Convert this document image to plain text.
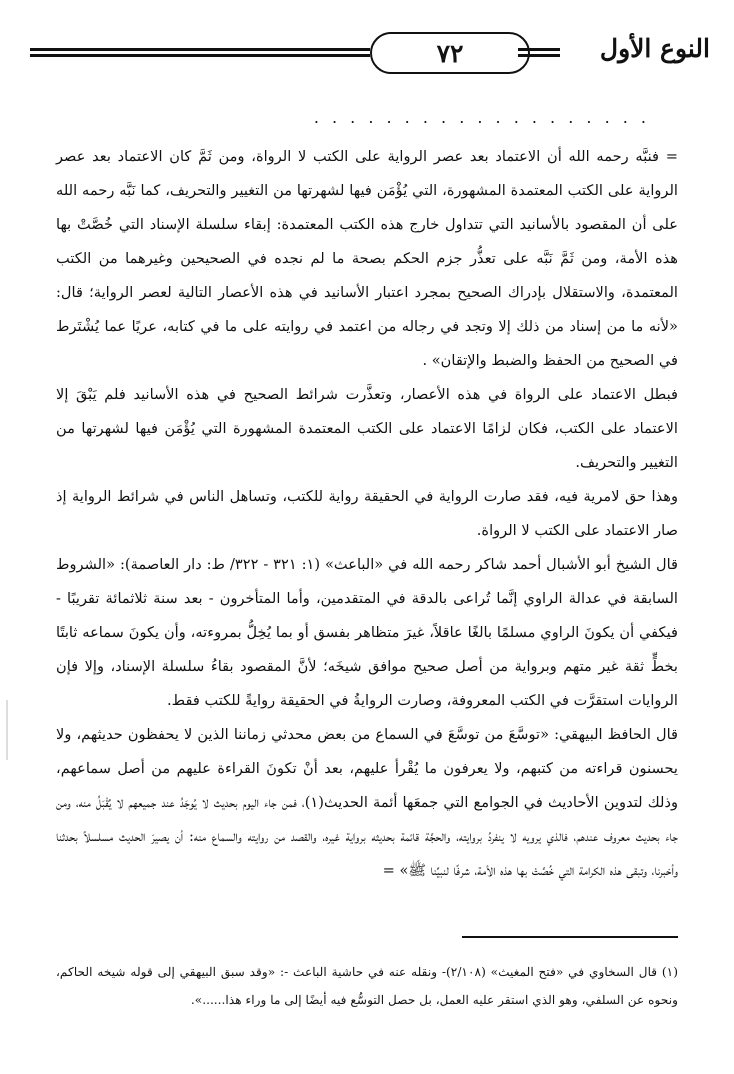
النوع الأول
٧٢
. . . . . . . . . . . . . . . . . . .

= فنبَّه رحمه الله أن الاعتماد بعد عصر الرواية على الكتب لا الرواة، ومن ثَمَّ كان الاعتماد بعد عصر الرواية على الكتب المعتمدة المشهورة، التي يُؤْمَن فيها لشهرتها من التغيير والتحريف، كما نَبَّه رحمه الله على أن المقصود بالأسانيد التي تتداول خارج هذه الكتب المعتمدة: إبقاء سلسلة الإسناد التي خُصَّتْ بها هذه الأمة، ومن ثَمَّ نَبَّه على تعذُّر جزم الحكم بصحة ما لم نجده في الصحيحين وغيرهما من الكتب المعتمدة، والاستقلال بإدراك الصحيح بمجرد اعتبار الأسانيد في هذه الأعصار التالية لعصر الرواية؛ قال: «لأنه ما من إسناد من ذلك إلا وتجد في رجاله من اعتمد في روايته على ما في كتابه، عريًا عما يُشْتَرط في الصحيح من الحفظ والضبط والإتقان» .

فبطل الاعتماد على الرواة في هذه الأعصار، وتعذَّرت شرائط الصحيح في هذه الأسانيد فلم يَبْقَ إلا الاعتماد على الكتب، فكان لزامًا الاعتماد على الكتب المعتمدة المشهورة التي يُؤْمَن فيها لشهرتها من التغيير والتحريف.

وهذا حق لامرية فيه، فقد صارت الرواية في الحقيقة رواية للكتب، وتساهل الناس في شرائط الرواية إذ صار الاعتماد على الكتب لا الرواة.

قال الشيخ أبو الأشبال أحمد شاكر رحمه الله في «الباعث» (١: ٣٢١ - ٣٢٢/ ط: دار العاصمة): «الشروط السابقة في عدالة الراوي إنَّما تُراعى بالدقة في المتقدمين، وأما المتأخرون - بعد سنة ثلاثمائة تقريبًا - فيكفي أن يكونَ الراوي مسلمًا بالغًا عاقلاً، غيرَ متظاهر بفسق أو بما يُخِلُّ بمروءته، وأن يكونَ سماعه ثابتًا بخطٍّ ثقة غير متهم وبرواية من أصل صحيح موافق شيخَه؛ لأنَّ المقصود بقاءُ سلسلة الإسناد، وإلا فإن الروايات استقرَّت في الكتب المعروفة، وصارت الروايةُ في الحقيقة روايةً للكتب فقط.

قال الحافظ البيهقي: «توسَّعَ من توسَّعَ في السماع من بعض محدثي زماننا الذين لا يحفظون حديثهم، ولا يحسنون قراءته من كتبهم، ولا يعرفون ما يُقْرأ عليهم، بعد أنْ تكونَ القراءة عليهم من أصل سماعهم، وذلك لتدوين الأحاديث في الجوامع التي جمعَها أئمة الحديث(١)، فمن جاء اليوم بحديث لا يُوجَدُ عند جميعهم لا يُقْبَلُ منه، ومن جاء بحديث معروف عندهم، فالذي يرويه لا ينفردُ بروايته، والحجَّة قائمة بحديثه برواية غيره، والقصد من روايته والسماع منه: أن يصيرَ الحديث مسلسلاً بحدثنا وأخبرنا، وتبقى هذه الكرامة التي خُصَّتْ بها هذه الأمة، شرفًا لنبيِّنا ﷺ» =

(١) قال السخاوي في «فتح المغيث» (٢/١٠٨)- ونقله عنه في حاشية الباعث -: «وقد سبق البيهقي إلى قوله شيخه الحاكم، ونحوه عن السلفي، وهو الذي استقر عليه العمل، بل حصل التوسُّع فيه أيضًا إلى ما وراء هذا......».
